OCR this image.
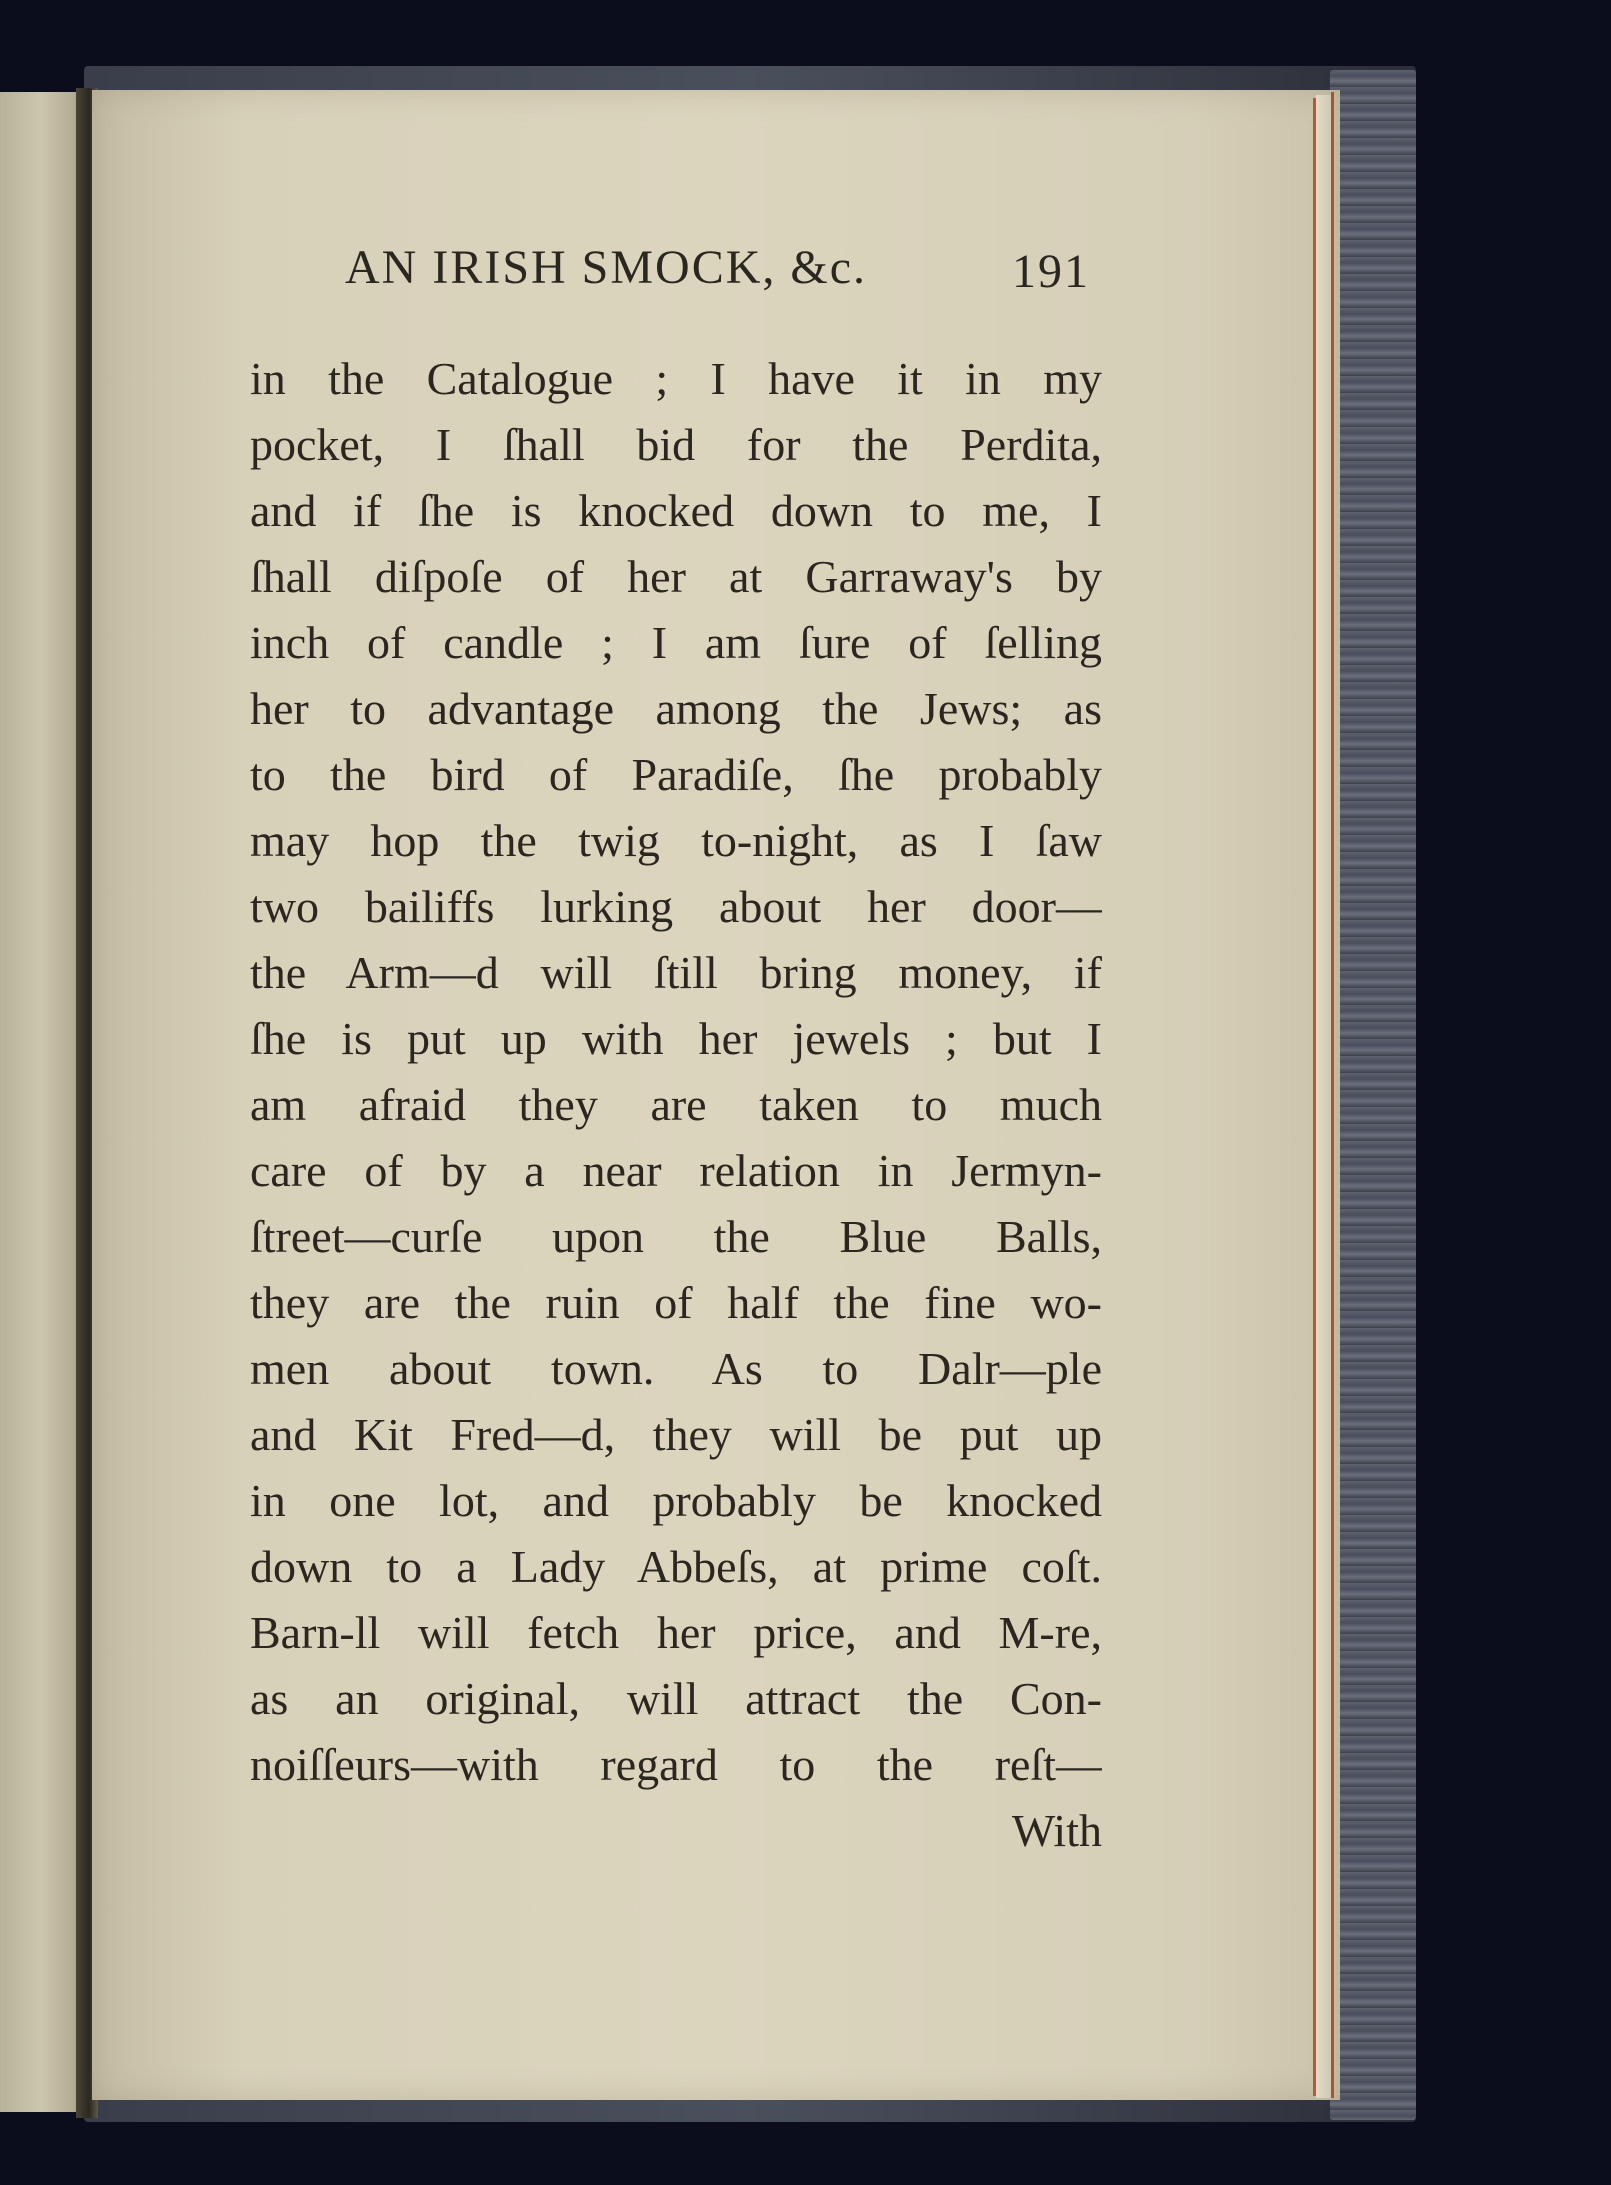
AN IRISH SMOCK, &c.	191
in the Catalogue ; I have it in my
pocket, I ſhall bid for the Perdita,
and if ſhe is knocked down to me, I
ſhall diſpoſe of her at Garraway's by
inch of candle ; I am ſure of ſelling
her to advantage among the Jews; as
to the bird of Paradiſe, ſhe probably
may hop the twig to-night, as I ſaw
two bailiffs lurking about her door—
the Arm—d will ſtill bring money, if
ſhe is put up with her jewels ; but I
am afraid they are taken to much
care of by a near relation in Jermyn-
ſtreet—curſe upon the Blue Balls,
they are the ruin of half the fine wo-
men about town. As to Dalr—ple
and Kit Fred—d, they will be put up
in one lot, and probably be knocked
down to a Lady Abbeſs, at prime coſt.
Barn-ll will fetch her price, and M-re,
as an original, will attract the Con-
noiſſeurs—with regard to the reſt—
With
